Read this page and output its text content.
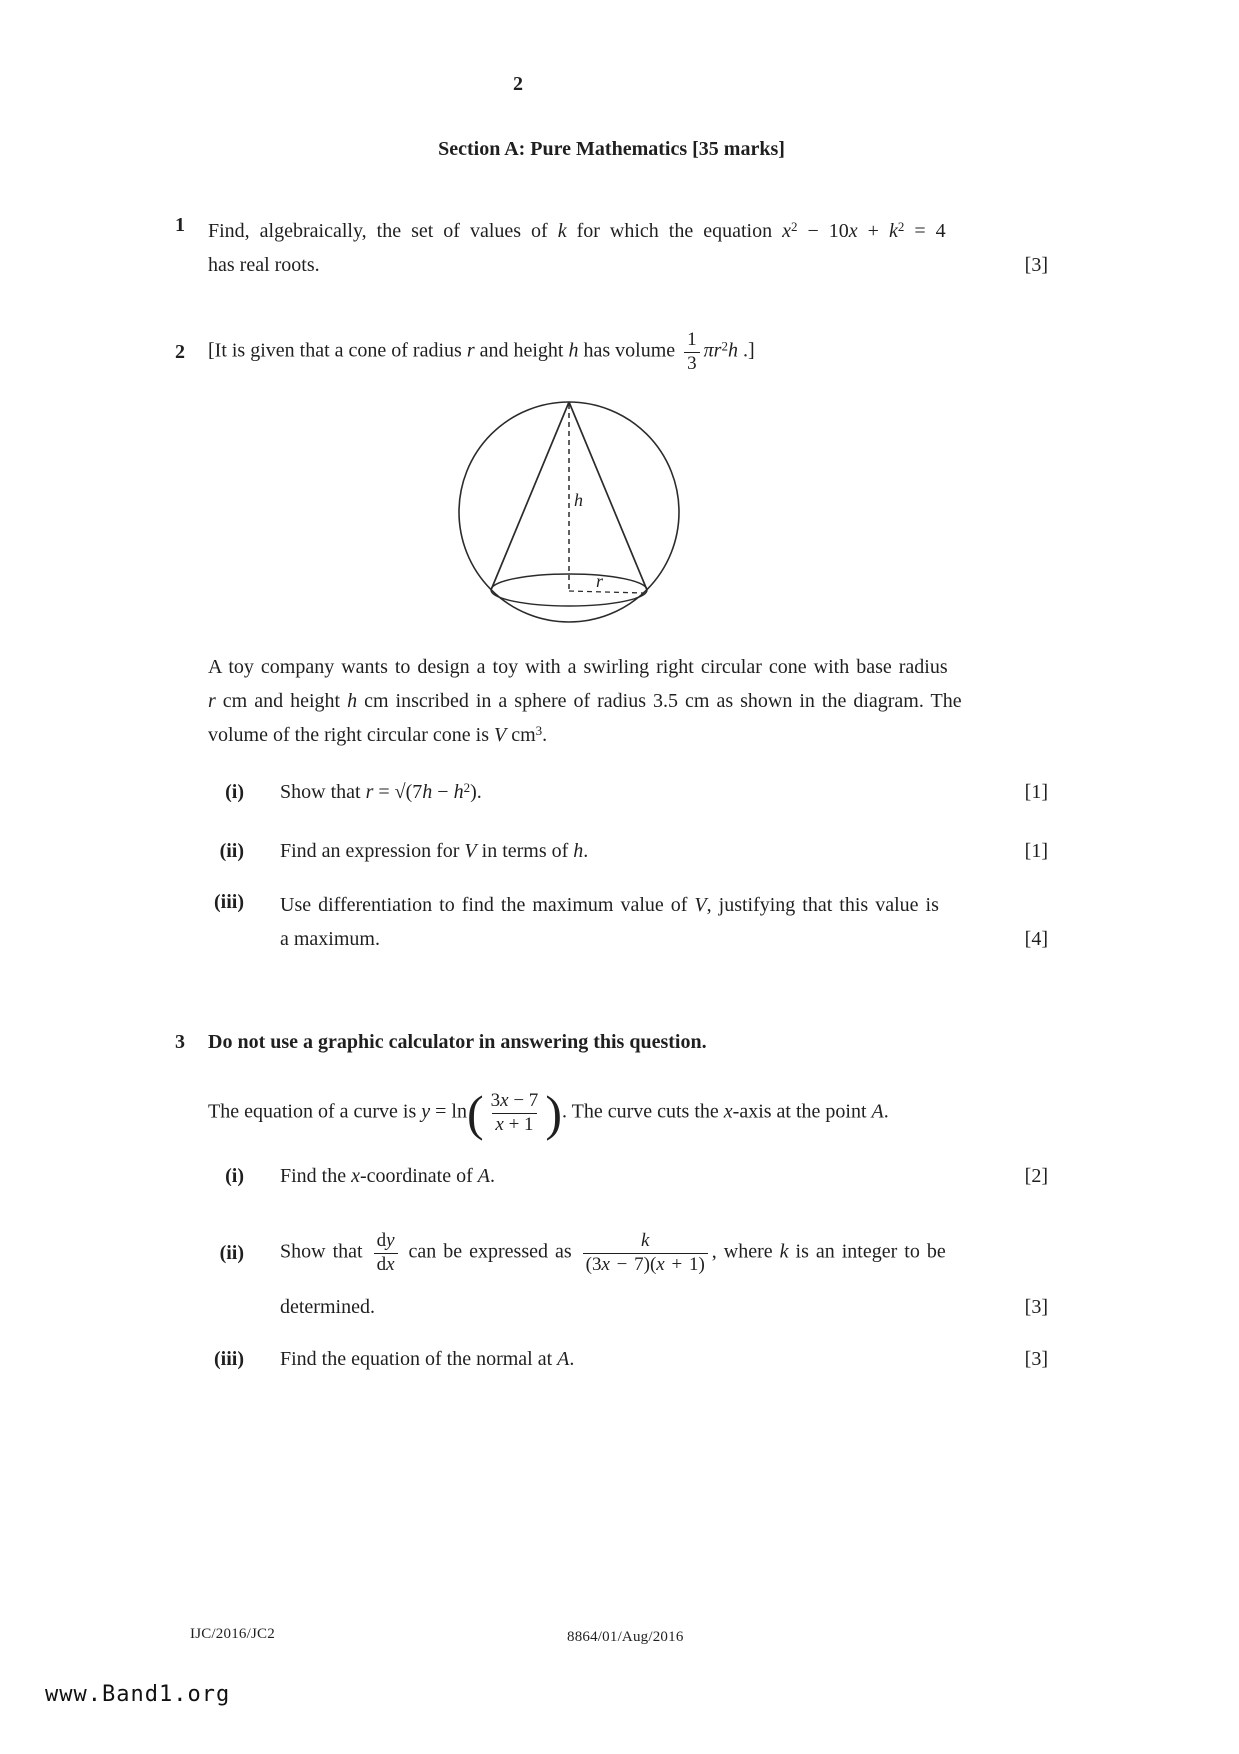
2
Section A: Pure Mathematics [35 marks]
1	Find, algebraically, the set of values of k for which the equation $x^2 - 10x + k^2 = 4$
has real roots.	[3]
2	[It is given that a cone of radius r and height h has volume $\frac{1}{3} \pi r^2h$ .]
h
r
A toy company wants to design a toy with a swirling right circular cone with base radius
r cm and height h cm inscribed in a sphere of radius 3.5 cm as shown in the diagram. The
volume of the right circular cone is V $cm^3$.
(i) Show that $r = √(7h - h^2)$.	[1]
(ii) Find an expression for V in terms of h.	[1]
(iii) Use differentiation to find the maximum value of V, justifying that this value is
a maximum.	[4]
3	Do not use a graphic calculator in answering this question.
The equation of a curve is $y = \ln( \frac{3x - 7}{x + 1}$ ). The curve cuts the x-axis at the point A.
(i) Find the x-coordinate of A.	[2]
(ii) Show that $\frac{dy}{dx}$ can be expressed as $\frac{k}{(3x - 7)(x + 1)}$ , where k is an integer to be
determined.	[3]
(iii) Find the equation of the normal at A.	[3]
IJC/2016/JC2	8864/01/Aug/2016
www.Band1.org
